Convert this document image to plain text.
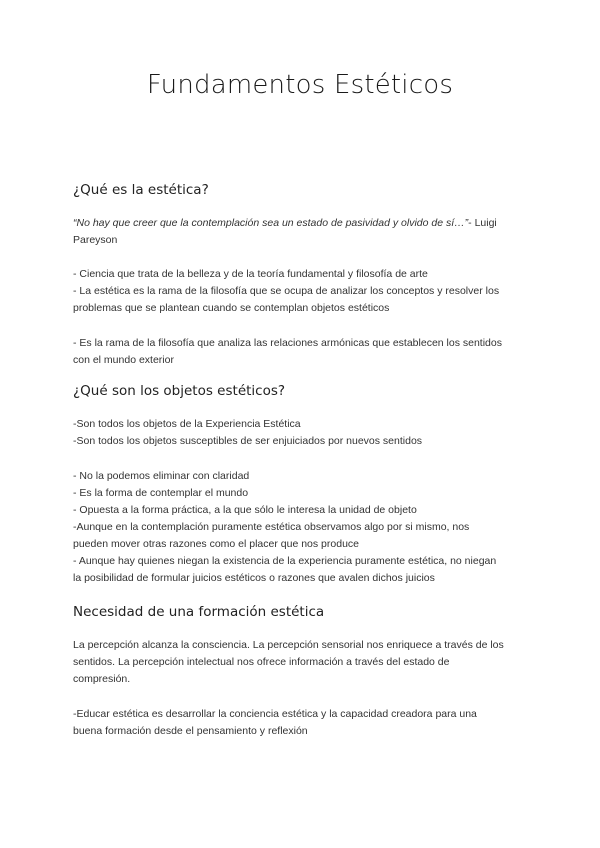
Fundamentos Estéticos
¿Qué es la estética?
“No hay que creer que la contemplación sea un estado de pasividad y olvido de sí…”- Luigi
Pareyson
- Ciencia que trata de la belleza y de la teoría fundamental y filosofía de arte
- La estética es la rama de la filosofía que se ocupa de analizar los conceptos y resolver los
problemas que se plantean cuando se contemplan objetos estéticos
- Es la rama de la filosofía que analiza las relaciones armónicas que establecen los sentidos
con el mundo exterior
¿Qué son los objetos estéticos?
-Son todos los objetos de la Experiencia Estética
-Son todos los objetos susceptibles de ser enjuiciados por nuevos sentidos
- No la podemos eliminar con claridad
- Es la forma de contemplar el mundo
- Opuesta a la forma práctica, a la que sólo le interesa la unidad de objeto
-Aunque en la contemplación puramente estética observamos algo por si mismo, nos
pueden mover otras razones como el placer que nos produce
- Aunque hay quienes niegan la existencia de la experiencia puramente estética, no niegan
la posibilidad de formular juicios estéticos o razones que avalen dichos juicios
Necesidad de una formación estética
La percepción alcanza la consciencia. La percepción sensorial nos enriquece a través de los
sentidos. La percepción intelectual nos ofrece información a través del estado de
compresión.
-Educar estética es desarrollar la conciencia estética y la capacidad creadora para una
buena formación desde el pensamiento y reflexión
